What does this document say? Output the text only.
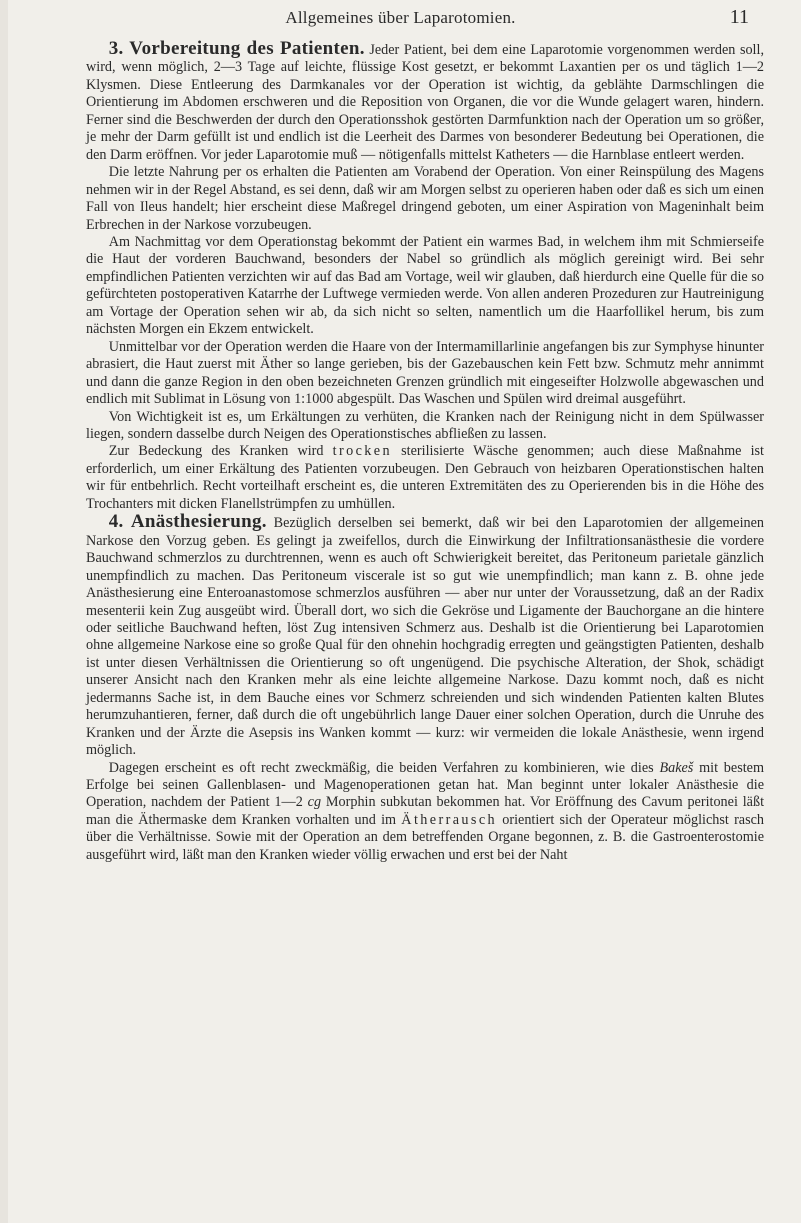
Allgemeines über Laparotomien.	11

3. Vorbereitung des Patienten. Jeder Patient, bei dem eine Laparotomie vorgenommen werden soll, wird, wenn möglich, 2—3 Tage auf leichte, flüssige Kost gesetzt, er bekommt Laxantien per os und täglich 1—2 Klysmen. Diese Entleerung des Darmkanales vor der Operation ist wichtig, da geblähte Darmschlingen die Orientierung im Abdomen erschweren und die Reposition von Organen, die vor die Wunde gelagert waren, hindern. Ferner sind die Beschwerden der durch den Operationsshok gestörten Darmfunktion nach der Operation um so größer, je mehr der Darm gefüllt ist und endlich ist die Leerheit des Darmes von besonderer Bedeutung bei Operationen, die den Darm eröffnen. Vor jeder Laparotomie muß — nötigenfalls mittelst Katheters — die Harnblase entleert werden.

Die letzte Nahrung per os erhalten die Patienten am Vorabend der Operation. Von einer Reinspülung des Magens nehmen wir in der Regel Abstand, es sei denn, daß wir am Morgen selbst zu operieren haben oder daß es sich um einen Fall von Ileus handelt; hier erscheint diese Maßregel dringend geboten, um einer Aspiration von Mageninhalt beim Erbrechen in der Narkose vorzubeugen.

Am Nachmittag vor dem Operationstag bekommt der Patient ein warmes Bad, in welchem ihm mit Schmierseife die Haut der vorderen Bauchwand, besonders der Nabel so gründlich als möglich gereinigt wird. Bei sehr empfindlichen Patienten verzichten wir auf das Bad am Vortage, weil wir glauben, daß hierdurch eine Quelle für die so gefürchteten postoperativen Katarrhe der Luftwege vermieden werde. Von allen anderen Prozeduren zur Hautreinigung am Vortage der Operation sehen wir ab, da sich nicht so selten, namentlich um die Haarfollikel herum, bis zum nächsten Morgen ein Ekzem entwickelt.

Unmittelbar vor der Operation werden die Haare von der Intermamillarlinie angefangen bis zur Symphyse hinunter abrasiert, die Haut zuerst mit Äther so lange gerieben, bis der Gazebauschen kein Fett bzw. Schmutz mehr annimmt und dann die ganze Region in den oben bezeichneten Grenzen gründlich mit eingeseifter Holzwolle abgewaschen und endlich mit Sublimat in Lösung von 1:1000 abgespült. Das Waschen und Spülen wird dreimal ausgeführt.

Von Wichtigkeit ist es, um Erkältungen zu verhüten, die Kranken nach der Reinigung nicht in dem Spülwasser liegen, sondern dasselbe durch Neigen des Operationstisches abfließen zu lassen.

Zur Bedeckung des Kranken wird trocken sterilisierte Wäsche genommen; auch diese Maßnahme ist erforderlich, um einer Erkältung des Patienten vorzubeugen. Den Gebrauch von heizbaren Operationstischen halten wir für entbehrlich. Recht vorteilhaft erscheint es, die unteren Extremitäten des zu Operierenden bis in die Höhe des Trochanters mit dicken Flanellstrümpfen zu umhüllen.

4. Anästhesierung. Bezüglich derselben sei bemerkt, daß wir bei den Laparotomien der allgemeinen Narkose den Vorzug geben. Es gelingt ja zweifellos, durch die Einwirkung der Infiltrationsanästhesie die vordere Bauchwand schmerzlos zu durchtrennen, wenn es auch oft Schwierigkeit bereitet, das Peritoneum parietale gänzlich unempfindlich zu machen. Das Peritoneum viscerale ist so gut wie unempfindlich; man kann z. B. ohne jede Anästhesierung eine Enteroanastomose schmerzlos ausführen — aber nur unter der Voraussetzung, daß an der Radix mesenterii kein Zug ausgeübt wird. Überall dort, wo sich die Gekröse und Ligamente der Bauchorgane an die hintere oder seitliche Bauchwand heften, löst Zug intensiven Schmerz aus. Deshalb ist die Orientierung bei Laparotomien ohne allgemeine Narkose eine so große Qual für den ohnehin hochgradig erregten und geängstigten Patienten, deshalb ist unter diesen Verhältnissen die Orientierung so oft ungenügend. Die psychische Alteration, der Shok, schädigt unserer Ansicht nach den Kranken mehr als eine leichte allgemeine Narkose. Dazu kommt noch, daß es nicht jedermanns Sache ist, in dem Bauche eines vor Schmerz schreienden und sich windenden Patienten kalten Blutes herumzuhantieren, ferner, daß durch die oft ungebührlich lange Dauer einer solchen Operation, durch die Unruhe des Kranken und der Ärzte die Asepsis ins Wanken kommt — kurz: wir vermeiden die lokale Anästhesie, wenn irgend möglich.

Dagegen erscheint es oft recht zweckmäßig, die beiden Verfahren zu kombinieren, wie dies Bakeš mit bestem Erfolge bei seinen Gallenblasen- und Magenoperationen getan hat. Man beginnt unter lokaler Anästhesie die Operation, nachdem der Patient 1—2 cg Morphin subkutan bekommen hat. Vor Eröffnung des Cavum peritonei läßt man die Äthermaske dem Kranken vorhalten und im Ätherrausch orientiert sich der Operateur möglichst rasch über die Verhältnisse. Sowie mit der Operation an dem betreffenden Organe begonnen, z. B. die Gastroenterostomie ausgeführt wird, läßt man den Kranken wieder völlig erwachen und erst bei der Naht
